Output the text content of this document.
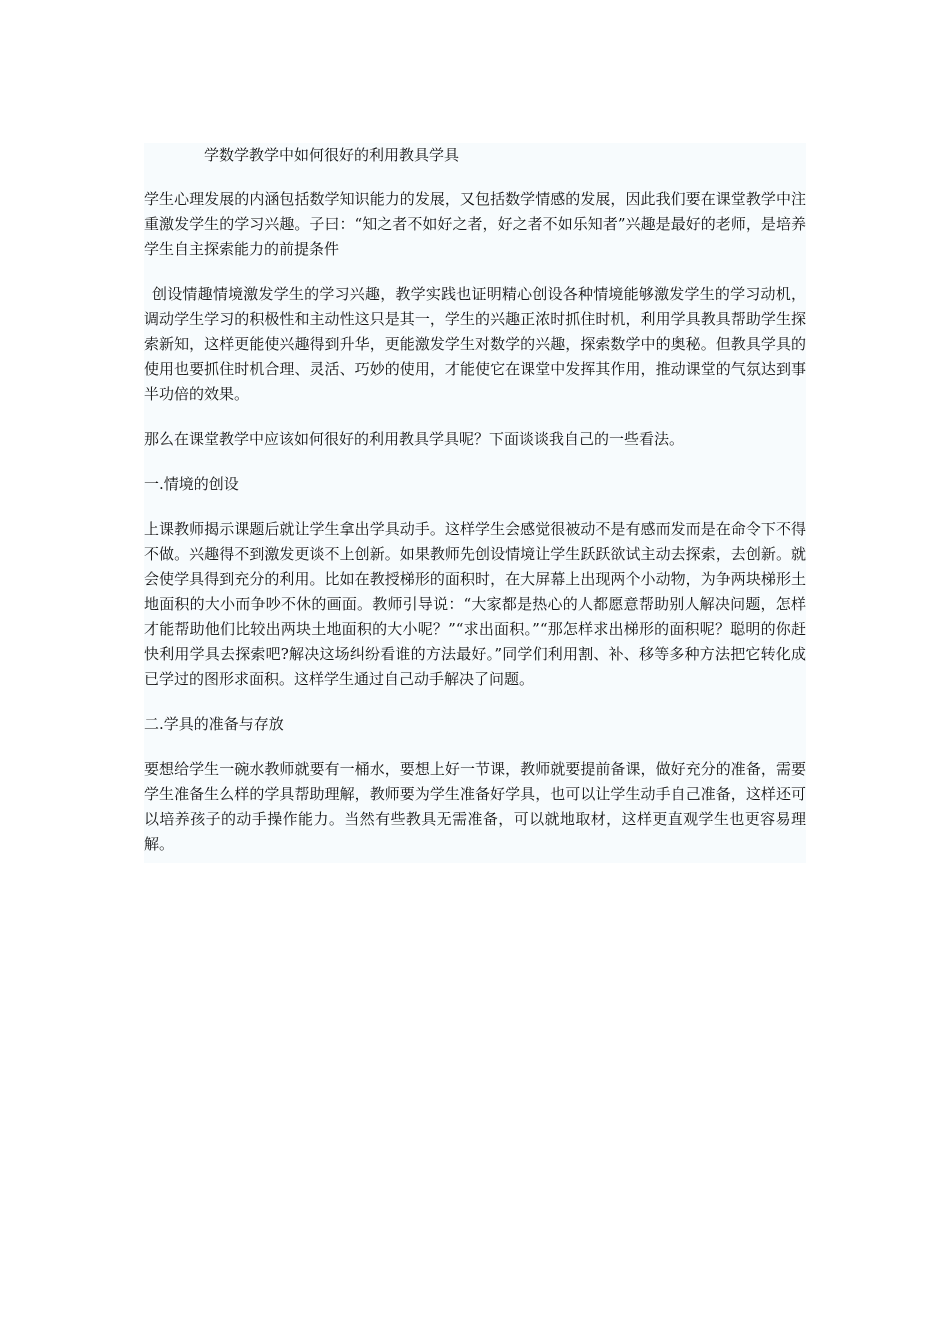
学数学教学中如何很好的利用教具学具

学生心理发展的内涵包括数学知识能力的发展，又包括数学情感的发展，因此我们要在课堂教学中注重激发学生的学习兴趣。子曰：“知之者不如好之者，好之者不如乐知者”兴趣是最好的老师，是培养学生自主探索能力的前提条件

创设情趣情境激发学生的学习兴趣，教学实践也证明精心创设各种情境能够激发学生的学习动机，调动学生学习的积极性和主动性这只是其一，学生的兴趣正浓时抓住时机，利用学具教具帮助学生探索新知，这样更能使兴趣得到升华，更能激发学生对数学的兴趣，探索数学中的奥秘。但教具学具的使用也要抓住时机合理、灵活、巧妙的使用，才能使它在课堂中发挥其作用，推动课堂的气氛达到事半功倍的效果。

那么在课堂教学中应该如何很好的利用教具学具呢？下面谈谈我自己的一些看法。

一.情境的创设

上课教师揭示课题后就让学生拿出学具动手。这样学生会感觉很被动不是有感而发而是在命令下不得不做。兴趣得不到激发更谈不上创新。如果教师先创设情境让学生跃跃欲试主动去探索，去创新。就会使学具得到充分的利用。比如在教授梯形的面积时，在大屏幕上出现两个小动物，为争两块梯形土地面积的大小而争吵不休的画面。教师引导说：“大家都是热心的人都愿意帮助别人解决问题，怎样才能帮助他们比较出两块土地面积的大小呢？”“求出面积。”“那怎样求出梯形的面积呢？聪明的你赶快利用学具去探索吧?解决这场纠纷看谁的方法最好。”同学们利用割、补、移等多种方法把它转化成已学过的图形求面积。这样学生通过自己动手解决了问题。

二.学具的准备与存放

要想给学生一碗水教师就要有一桶水，要想上好一节课，教师就要提前备课，做好充分的准备，需要学生准备生么样的学具帮助理解，教师要为学生准备好学具，也可以让学生动手自己准备，这样还可以培养孩子的动手操作能力。当然有些教具无需准备，可以就地取材，这样更直观学生也更容易理解。
